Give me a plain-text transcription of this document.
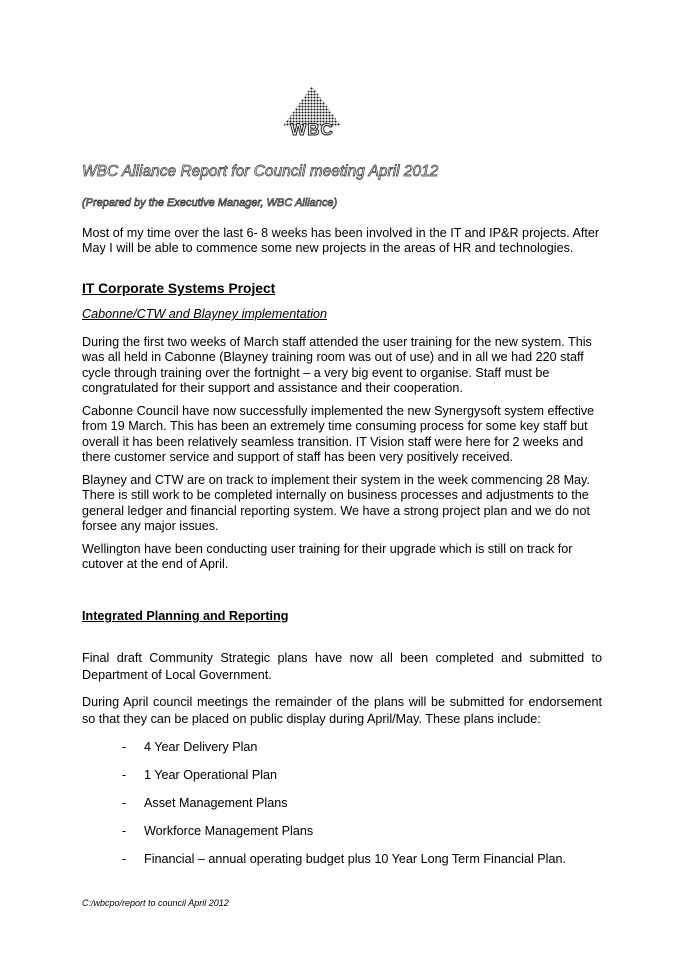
WBC
WBC Alliance Report for Council meeting April 2012
(Prepared by the Executive Manager, WBC Alliance)
Most of my time over the last 6- 8 weeks has been involved in the IT and IP&R projects. After May I will be able to commence some new projects in the areas of HR and technologies.
IT Corporate Systems Project
Cabonne/CTW and Blayney implementation
During the first two weeks of March staff attended the user training for the new system. This was all held in Cabonne (Blayney training room was out of use) and in all we had 220 staff cycle through training over the fortnight – a very big event to organise. Staff must be congratulated for their support and assistance and their cooperation.
Cabonne Council have now successfully implemented the new Synergysoft system effective from 19 March. This has been an extremely time consuming process for some key staff but overall it has been relatively seamless transition. IT Vision staff were here for 2 weeks and there customer service and support of staff has been very positively received.
Blayney and CTW are on track to implement their system in the week commencing 28 May. There is still work to be completed internally on business processes and adjustments to the general ledger and financial reporting system. We have a strong project plan and we do not forsee any major issues.
Wellington have been conducting user training for their upgrade which is still on track for cutover at the end of April.
Integrated Planning and Reporting
Final draft Community Strategic plans have now all been completed and submitted to Department of Local Government.
During April council meetings the remainder of the plans will be submitted for endorsement so that they can be placed on public display during April/May. These plans include:
- 4 Year Delivery Plan
- 1 Year Operational Plan
- Asset Management Plans
- Workforce Management Plans
- Financial – annual operating budget plus 10 Year Long Term Financial Plan.
C:/wbcpo/report to council April 2012
